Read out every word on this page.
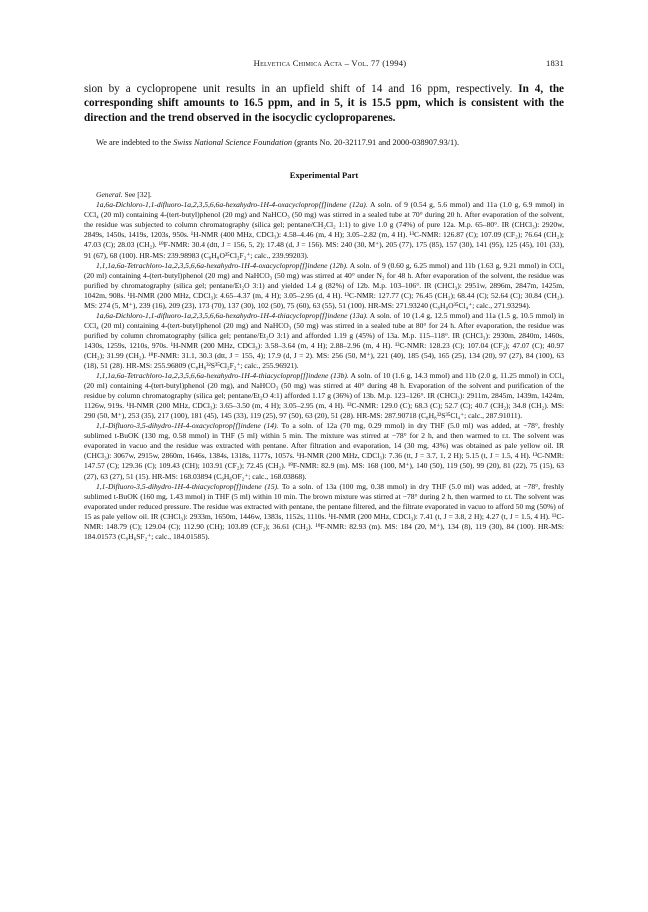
Helvetica Chimica Acta – Vol. 77 (1994)	1831

sion by a cyclopropene unit results in an upfield shift of 14 and 16 ppm, respectively. In 4, the corresponding shift amounts to 16.5 ppm, and in 5, it is 15.5 ppm, which is consistent with the direction and the trend observed in the isocyclic cycloproparenes.

We are indebted to the Swiss National Science Foundation (grants No. 20-32117.91 and 2000-038907.93/1).

Experimental Part

General. See [32].

1a,6a-Dichloro-1,1-difluoro-1a,2,3,5,6,6a-hexahydro-1H-4-oxacycloprop[f]indene (12a). A soln. of 9 (0.54 g, 5.6 mmol) and 11a (1.0 g, 6.9 mmol) in CCl₄ (20 ml) containing 4-(tert-butyl)phenol (20 mg) and NaHCO₃ (50 mg) was stirred in a sealed tube at 70° during 20 h. After evaporation of the solvent, the residue was subjected to column chromatography (silica gel; pentane/CH₂Cl₂ 1:1) to give 1.0 g (74%) of pure 12a. M.p. 65–80°. IR (CHCl₃): 2920w, 2849s, 1450s, 1419s, 1203s, 950s. ¹H-NMR (400 MHz, CDCl₃): 4.58–4.46 (m, 4 H); 3.05–2.82 (m, 4 H). ¹³C-NMR: 126.87 (C); 107.09 (CF₂); 76.64 (CH₂); 47.03 (C); 28.03 (CH₂). ¹⁹F-NMR: 30.4 (dtt, J = 156, 5, 2); 17.48 (d, J = 156). MS: 240 (30, M⁺), 205 (77), 175 (85), 157 (30), 141 (95), 125 (45), 101 (33), 91 (67), 68 (100). HR-MS: 239.98983 (C₈H₈O³⁵Cl₂F₂⁺; calc., 239.99203).

1,1,1a,6a-Tetrachloro-1a,2,3,5,6,6a-hexahydro-1H-4-oxacycloprop[f]indene (12b). A soln. of 9 (0.60 g, 6.25 mmol) and 11b (1.63 g, 9.21 mmol) in CCl₄ (20 ml) containing 4-(tert-butyl)phenol (20 mg) and NaHCO₃ (50 mg) was stirred at 40° under N₂ for 48 h. After evaporation of the solvent, the residue was purified by chromatography (silica gel; pentane/Et₂O 3:1) and yielded 1.4 g (82%) of 12b. M.p. 103–106°. IR (CHCl₃): 2951w, 2896m, 2847m, 1425m, 1042m, 908s. ¹H-NMR (200 MHz, CDCl₃): 4.65–4.37 (m, 4 H); 3.05–2.95 (d, 4 H). ¹³C-NMR: 127.77 (C); 76.45 (CH₂); 68.44 (C); 52.64 (C); 30.84 (CH₂). MS: 274 (5, M⁺), 239 (16), 209 (23), 173 (70), 137 (30), 102 (50), 75 (60), 63 (55), 51 (100). HR-MS: 271.93240 (C₈H₈O³⁵Cl₄⁺; calc., 271.93294).

1a,6a-Dichloro-1,1-difluoro-1a,2,3,5,6,6a-hexahydro-1H-4-thiacycloprop[f]indene (13a). A soln. of 10 (1.4 g, 12.5 mmol) and 11a (1.5 g, 10.5 mmol) in CCl₄ (20 ml) containing 4-(tert-butyl)phenol (20 mg) and NaHCO₃ (50 mg) was stirred in a sealed tube at 80° for 24 h. After evaporation, the residue was purified by column chromatography (silica gel; pentane/Et₂O 3:1) and afforded 1.19 g (45%) of 13a. M.p. 115–118°. IR (CHCl₃): 2930m, 2840m, 1460s, 1430s, 1259s, 1210s, 970s. ¹H-NMR (200 MHz, CDCl₃): 3.58–3.64 (m, 4 H); 2.88–2.96 (m, 4 H). ¹³C-NMR: 128.23 (C); 107.04 (CF₂); 47.07 (C); 40.97 (CH₂); 31.99 (CH₂). ¹⁹F-NMR: 31.1, 30.3 (dtt, J = 155, 4); 17.9 (d, J = 2). MS: 256 (50, M⁺), 221 (40), 185 (54), 165 (25), 134 (20), 97 (27), 84 (100), 63 (18), 51 (28). HR-MS: 255.96809 (C₈H₈³²S³⁵Cl₂F₂⁺; calc., 255.96921).

1,1,1a,6a-Tetrachloro-1a,2,3,5,6,6a-hexahydro-1H-4-thiacycloprop[f]indene (13b). A soln. of 10 (1.6 g, 14.3 mmol) and 11b (2.0 g, 11.25 mmol) in CCl₄ (20 ml) containing 4-(tert-butyl)phenol (20 mg), and NaHCO₃ (50 mg) was stirred at 40° during 48 h. Evaporation of the solvent and purification of the residue by column chromatography (silica gel; pentane/Et₂O 4:1) afforded 1.17 g (36%) of 13b. M.p. 123–126°. IR (CHCl₃): 2911m, 2845m, 1439m, 1424m, 1126w, 919s. ¹H-NMR (200 MHz, CDCl₃): 3.65–3.50 (m, 4 H); 3.05–2.95 (m, 4 H). ¹³C-NMR: 129.0 (C); 68.3 (C); 52.7 (C); 40.7 (CH₂); 34.8 (CH₂). MS: 290 (50, M⁺), 253 (35), 217 (100), 181 (45), 145 (33), 119 (25), 97 (50), 63 (20), 51 (28). HR-MS: 287.90718 (C₈H₈³²S³⁵Cl₄⁺; calc., 287.91011).

1,1-Difluoro-3,5-dihydro-1H-4-oxacycloprop[f]indene (14). To a soln. of 12a (70 mg, 0.29 mmol) in dry THF (5.0 ml) was added, at −78°, freshly sublimed t-BuOK (130 mg, 0.58 mmol) in THF (5 ml) within 5 min. The mixture was stirred at −78° for 2 h, and then warmed to r.t. The solvent was evaporated in vacuo and the residue was extracted with pentane. After filtration and evaporation, 14 (30 mg, 43%) was obtained as pale yellow oil. IR (CHCl₃): 3067w, 2915w, 2860m, 1646s, 1384s, 1318s, 1177s, 1057s. ¹H-NMR (200 MHz, CDCl₃): 7.36 (tt, J = 3.7, 1, 2 H); 5.15 (t, J = 1.5, 4 H). ¹³C-NMR: 147.57 (C); 129.36 (C); 109.43 (CH); 103.91 (CF₂); 72.45 (CH₂). ¹⁹F-NMR: 82.9 (m). MS: 168 (100, M⁺), 140 (50), 119 (50), 99 (20), 81 (22), 75 (15), 63 (27), 63 (27), 51 (15). HR-MS: 168.03894 (C₉H₆OF₂⁺; calc., 168.03868).

1,1-Difluoro-3,5-dihydro-1H-4-thiacycloprop[f]indene (15). To a soln. of 13a (100 mg, 0.38 mmol) in dry THF (5.0 ml) was added, at −78°, freshly sublimed t-BuOK (160 mg, 1.43 mmol) in THF (5 ml) within 10 min. The brown mixture was stirred at −78° during 2 h, then warmed to r.t. The solvent was evaporated under reduced pressure. The residue was extracted with pentane, the pentane filtered, and the filtrate evaporated in vacuo to afford 50 mg (50%) of 15 as pale yellow oil. IR (CHCl₃): 2933m, 1650m, 1446w, 1383s, 1152s, 1110s. ¹H-NMR (200 MHz, CDCl₃): 7.41 (t, J = 3.8, 2 H); 4.27 (t, J = 1.5, 4 H). ¹³C-NMR: 148.79 (C); 129.04 (C); 112.90 (CH); 103.89 (CF₂); 36.61 (CH₂). ¹⁹F-NMR: 82.93 (m). MS: 184 (20, M⁺), 134 (8), 119 (30), 84 (100). HR-MS: 184.01573 (C₉H₆SF₂⁺; calc., 184.01585).
